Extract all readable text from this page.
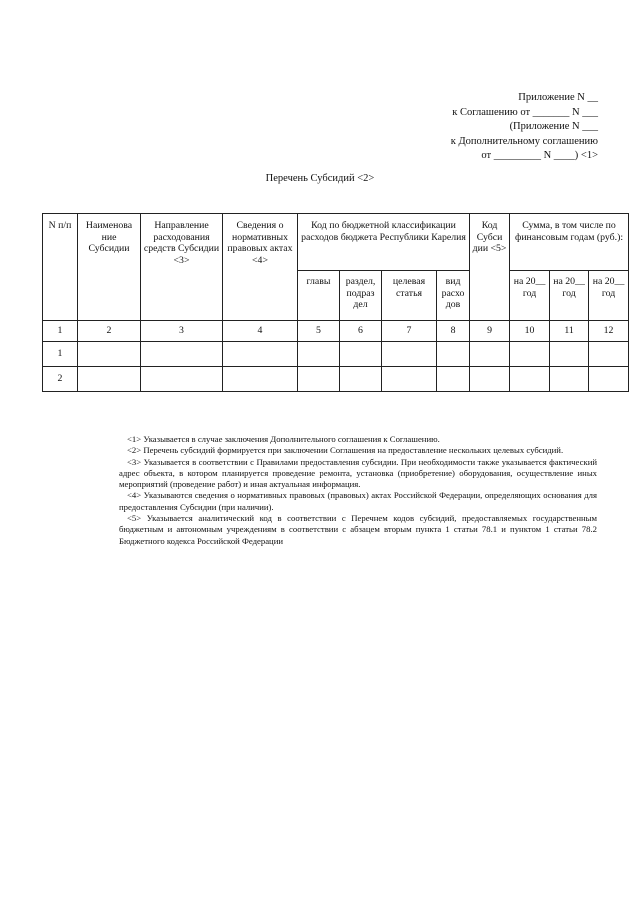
Приложение N __
к Соглашению от _______ N ___
(Приложение N ___
к Дополнительному соглашению
от _________ N ____) <1>
Перечень Субсидий <2>
N п/п	Наименова ние Субсидии	Направление расходования средств Субсидии <3>	Сведения о нормативных правовых актах <4>	Код по бюджетной классификации расходов бюджета Республики Карелия				Код Субси дии <5>	Сумма, в том числе по финансовым годам (руб.):		
				главы	раздел, подраз дел	целевая статья	вид расхо дов		на 20__ год	на 20__ год	на 20__ год
1	2	3	4	5	6	7	8	9	10	11	12
1											
2											

<1> Указывается в случае заключения Дополнительного соглашения к Соглашению.

<2> Перечень субсидий формируется при заключении Соглашения на предоставление нескольких целевых субсидий.

<3> Указывается в соответствии с Правилами предоставления субсидии. При необходимости также указывается фактический адрес объекта, в котором планируется проведение ремонта, установка (приобретение) оборудования, осуществление иных мероприятий (проведение работ) и иная актуальная информация.

<4> Указываются сведения о нормативных правовых (правовых) актах Российской Федерации, определяющих основания для предоставления Субсидии (при наличии).

<5> Указывается аналитический код в соответствии с Перечнем кодов субсидий, предоставляемых государственным бюджетным и автономным учреждениям в соответствии с абзацем вторым пункта 1 статьи 78.1 и пунктом 1 статьи 78.2 Бюджетного кодекса Российской Федерации
